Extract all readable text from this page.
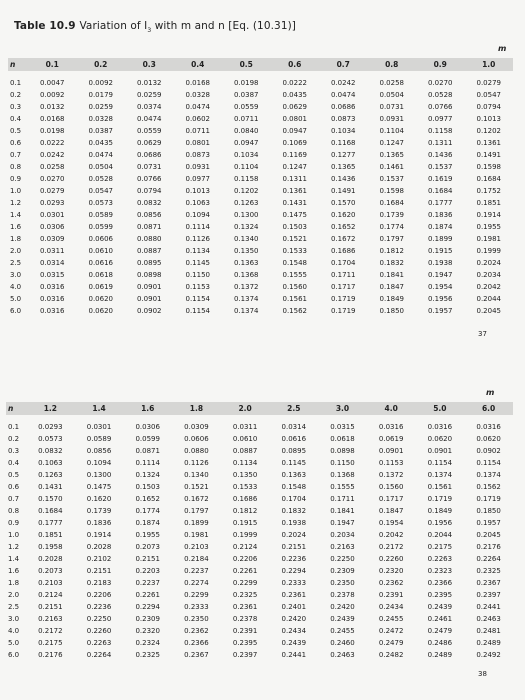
Table 10.9 Variation of $I_3$ with m and n [Eq. (10.31)]
m
n	0.1	0.2	0.3	0.4	0.5	0.6	0.7	0.8	0.9	1.0

0.1	0.0047	0.0092	0.0132	0.0168	0.0198	0.0222	0.0242	0.0258	0.0270	0.0279
0.2	0.0092	0.0179	0.0259	0.0328	0.0387	0.0435	0.0474	0.0504	0.0528	0.0547
0.3	0.0132	0.0259	0.0374	0.0474	0.0559	0.0629	0.0686	0.0731	0.0766	0.0794
0.4	0.0168	0.0328	0.0474	0.0602	0.0711	0.0801	0.0873	0.0931	0.0977	0.1013
0.5	0.0198	0.0387	0.0559	0.0711	0.0840	0.0947	0.1034	0.1104	0.1158	0.1202
0.6	0.0222	0.0435	0.0629	0.0801	0.0947	0.1069	0.1168	0.1247	0.1311	0.1361
0.7	0.0242	0.0474	0.0686	0.0873	0.1034	0.1169	0.1277	0.1365	0.1436	0.1491
0.8	0.0258	0.0504	0.0731	0.0931	0.1104	0.1247	0.1365	0.1461	0.1537	0.1598
0.9	0.0270	0.0528	0.0766	0.0977	0.1158	0.1311	0.1436	0.1537	0.1619	0.1684
1.0	0.0279	0.0547	0.0794	0.1013	0.1202	0.1361	0.1491	0.1598	0.1684	0.1752
1.2	0.0293	0.0573	0.0832	0.1063	0.1263	0.1431	0.1570	0.1684	0.1777	0.1851
1.4	0.0301	0.0589	0.0856	0.1094	0.1300	0.1475	0.1620	0.1739	0.1836	0.1914
1.6	0.0306	0.0599	0.0871	0.1114	0.1324	0.1503	0.1652	0.1774	0.1874	0.1955
1.8	0.0309	0.0606	0.0880	0.1126	0.1340	0.1521	0.1672	0.1797	0.1899	0.1981
2.0	0.0311	0.0610	0.0887	0.1134	0.1350	0.1533	0.1686	0.1812	0.1915	0.1999
2.5	0.0314	0.0616	0.0895	0.1145	0.1363	0.1548	0.1704	0.1832	0.1938	0.2024
3.0	0.0315	0.0618	0.0898	0.1150	0.1368	0.1555	0.1711	0.1841	0.1947	0.2034
4.0	0.0316	0.0619	0.0901	0.1153	0.1372	0.1560	0.1717	0.1847	0.1954	0.2042
5.0	0.0316	0.0620	0.0901	0.1154	0.1374	0.1561	0.1719	0.1849	0.1956	0.2044
6.0	0.0316	0.0620	0.0902	0.1154	0.1374	0.1562	0.1719	0.1850	0.1957	0.2045
37
m
n	1.2	1.4	1.6	1.8	2.0	2.5	3.0	4.0	5.0	6.0

0.1	0.0293	0.0301	0.0306	0.0309	0.0311	0.0314	0.0315	0.0316	0.0316	0.0316
0.2	0.0573	0.0589	0.0599	0.0606	0.0610	0.0616	0.0618	0.0619	0.0620	0.0620
0.3	0.0832	0.0856	0.0871	0.0880	0.0887	0.0895	0.0898	0.0901	0.0901	0.0902
0.4	0.1063	0.1094	0.1114	0.1126	0.1134	0.1145	0.1150	0.1153	0.1154	0.1154
0.5	0.1263	0.1300	0.1324	0.1340	0.1350	0.1363	0.1368	0.1372	0.1374	0.1374
0.6	0.1431	0.1475	0.1503	0.1521	0.1533	0.1548	0.1555	0.1560	0.1561	0.1562
0.7	0.1570	0.1620	0.1652	0.1672	0.1686	0.1704	0.1711	0.1717	0.1719	0.1719
0.8	0.1684	0.1739	0.1774	0.1797	0.1812	0.1832	0.1841	0.1847	0.1849	0.1850
0.9	0.1777	0.1836	0.1874	0.1899	0.1915	0.1938	0.1947	0.1954	0.1956	0.1957
1.0	0.1851	0.1914	0.1955	0.1981	0.1999	0.2024	0.2034	0.2042	0.2044	0.2045
1.2	0.1958	0.2028	0.2073	0.2103	0.2124	0.2151	0.2163	0.2172	0.2175	0.2176
1.4	0.2028	0.2102	0.2151	0.2184	0.2206	0.2236	0.2250	0.2260	0.2263	0.2264
1.6	0.2073	0.2151	0.2203	0.2237	0.2261	0.2294	0.2309	0.2320	0.2323	0.2325
1.8	0.2103	0.2183	0.2237	0.2274	0.2299	0.2333	0.2350	0.2362	0.2366	0.2367
2.0	0.2124	0.2206	0.2261	0.2299	0.2325	0.2361	0.2378	0.2391	0.2395	0.2397
2.5	0.2151	0.2236	0.2294	0.2333	0.2361	0.2401	0.2420	0.2434	0.2439	0.2441
3.0	0.2163	0.2250	0.2309	0.2350	0.2378	0.2420	0.2439	0.2455	0.2461	0.2463
4.0	0.2172	0.2260	0.2320	0.2362	0.2391	0.2434	0.2455	0.2472	0.2479	0.2481
5.0	0.2175	0.2263	0.2324	0.2366	0.2395	0.2439	0.2460	0.2479	0.2486	0.2489
6.0	0.2176	0.2264	0.2325	0.2367	0.2397	0.2441	0.2463	0.2482	0.2489	0.2492
38
